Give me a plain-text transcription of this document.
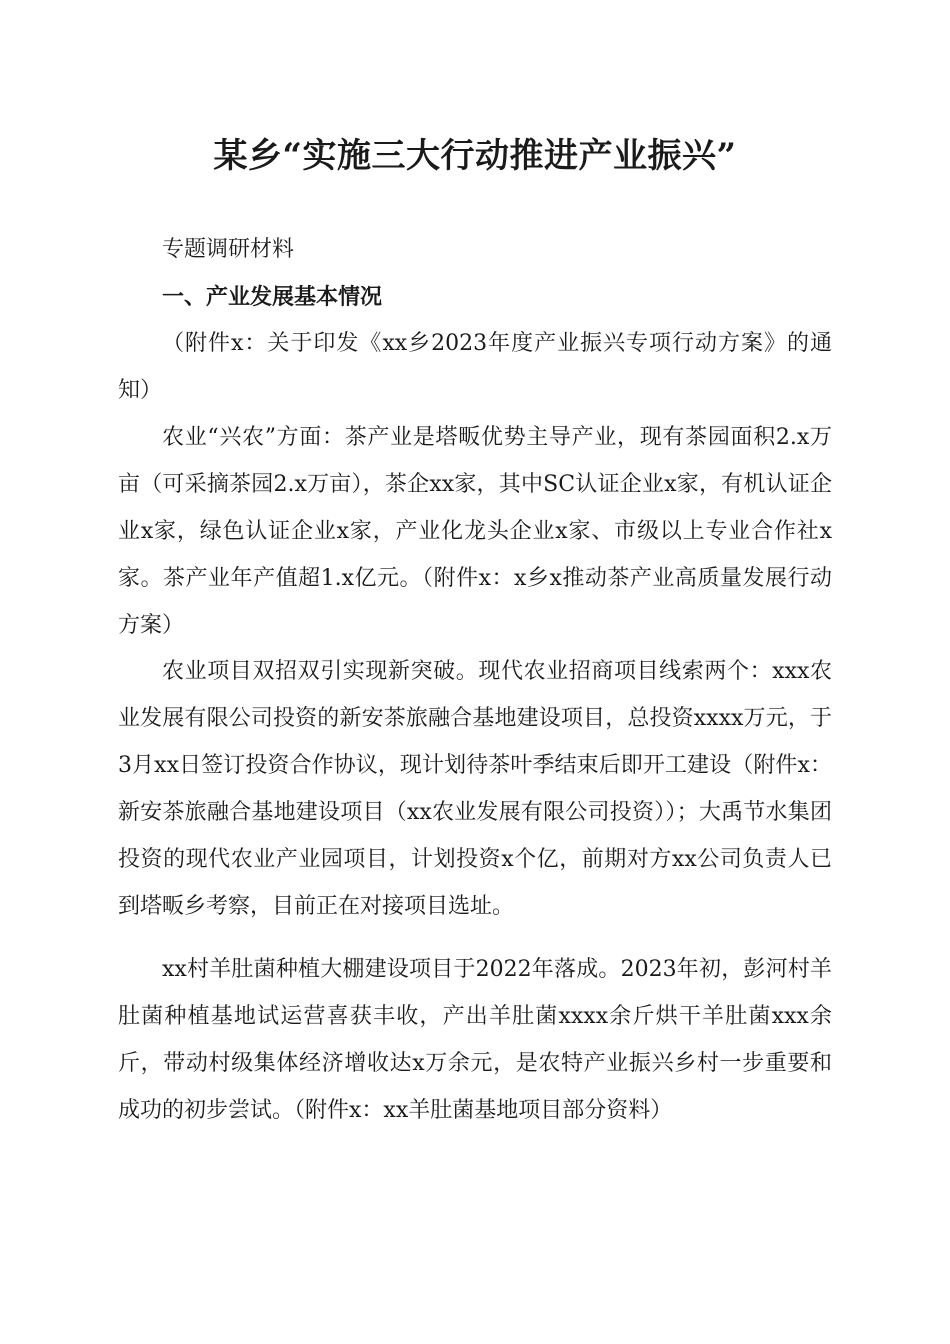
某乡“实施三大行动推进产业振兴”
专题调研材料
一、产业发展基本情况

（附件x：关于印发《xx乡2023年度产业振兴专项行动方案》的通知）

农业“兴农”方面：茶产业是塔畈优势主导产业，现有茶园面积2.x万亩（可采摘茶园2.x万亩），茶企xx家，其中SC认证企业x家，有机认证企业x家，绿色认证企业x家，产业化龙头企业x家、市级以上专业合作社x家。茶产业年产值超1.x亿元。（附件x：x乡x推动茶产业高质量发展行动方案）

农业项目双招双引实现新突破。现代农业招商项目线索两个：xxx农业发展有限公司投资的新安茶旅融合基地建设项目，总投资xxxx万元，于3月xx日签订投资合作协议，现计划待茶叶季结束后即开工建设（附件x：新安茶旅融合基地建设项目（xx农业发展有限公司投资））；大禹节水集团投资的现代农业产业园项目，计划投资x个亿，前期对方xx公司负责人已到塔畈乡考察，目前正在对接项目选址。

xx村羊肚菌种植大棚建设项目于2022年落成。2023年初，彭河村羊肚菌种植基地试运营喜获丰收，产出羊肚菌xxxx余斤烘干羊肚菌xxx余斤，带动村级集体经济增收达x万余元，是农特产业振兴乡村一步重要和成功的初步尝试。（附件x：xx羊肚菌基地项目部分资料）
